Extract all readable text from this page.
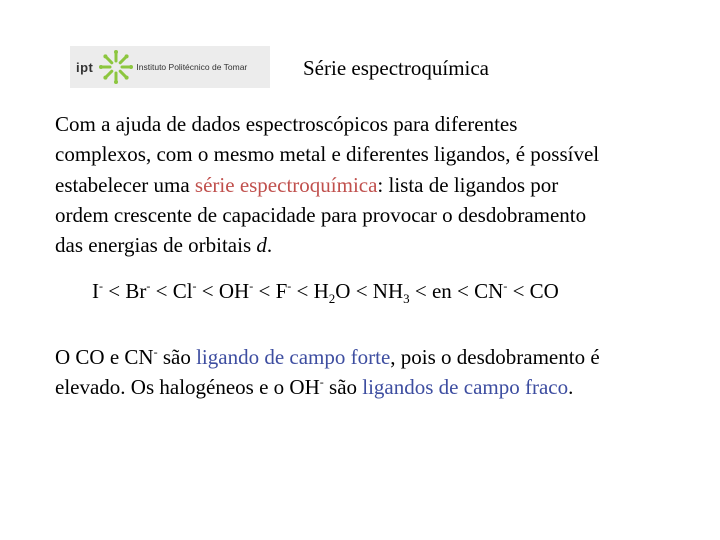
ipt	Instituto Politécnico de Tomar	Série espectroquímica

Com a ajuda de dados espectroscópicos para diferentes

complexos, com o mesmo metal e diferentes ligandos, é possível

estabelecer uma série espectroquímica: lista de ligandos por

ordem crescente de capacidade para provocar o desdobramento

das energias de orbitais d.

$I^- < Br^- < Cl^- < OH^- < F^- < H_2O < NH_3$ < en < CN- < CO

O CO e CN- são ligando de campo forte, pois o desdobramento é

elevado. Os halogéneos e o OH- são ligandos de campo fraco.
